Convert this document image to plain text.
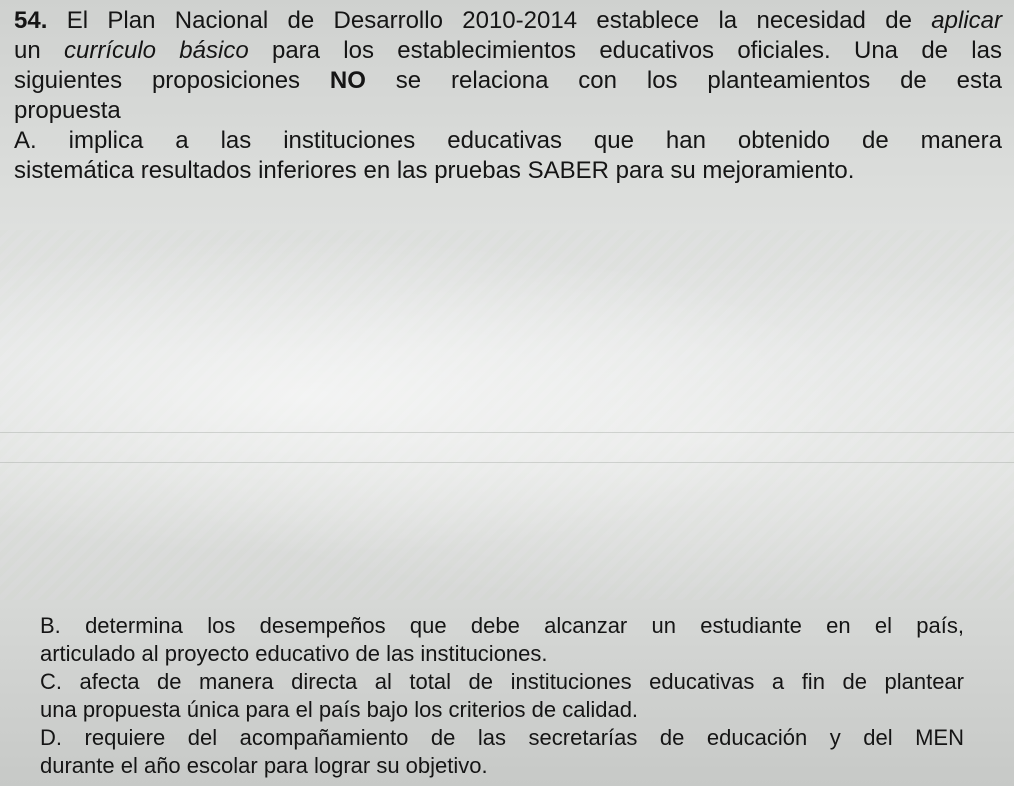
54. El Plan Nacional de Desarrollo 2010-2014 establece la necesidad de aplicar
un currículo básico para los establecimientos educativos oficiales. Una de las
siguientes proposiciones NO se relaciona con los planteamientos de esta
propuesta
A. implica a las instituciones educativas que han obtenido de manera
sistemática resultados inferiores en las pruebas SABER para su mejoramiento.
B. determina los desempeños que debe alcanzar un estudiante en el país,
articulado al proyecto educativo de las instituciones.
C. afecta de manera directa al total de instituciones educativas a fin de plantear
una propuesta única para el país bajo los criterios de calidad.
D. requiere del acompañamiento de las secretarías de educación y del MEN
durante el año escolar para lograr su objetivo.
